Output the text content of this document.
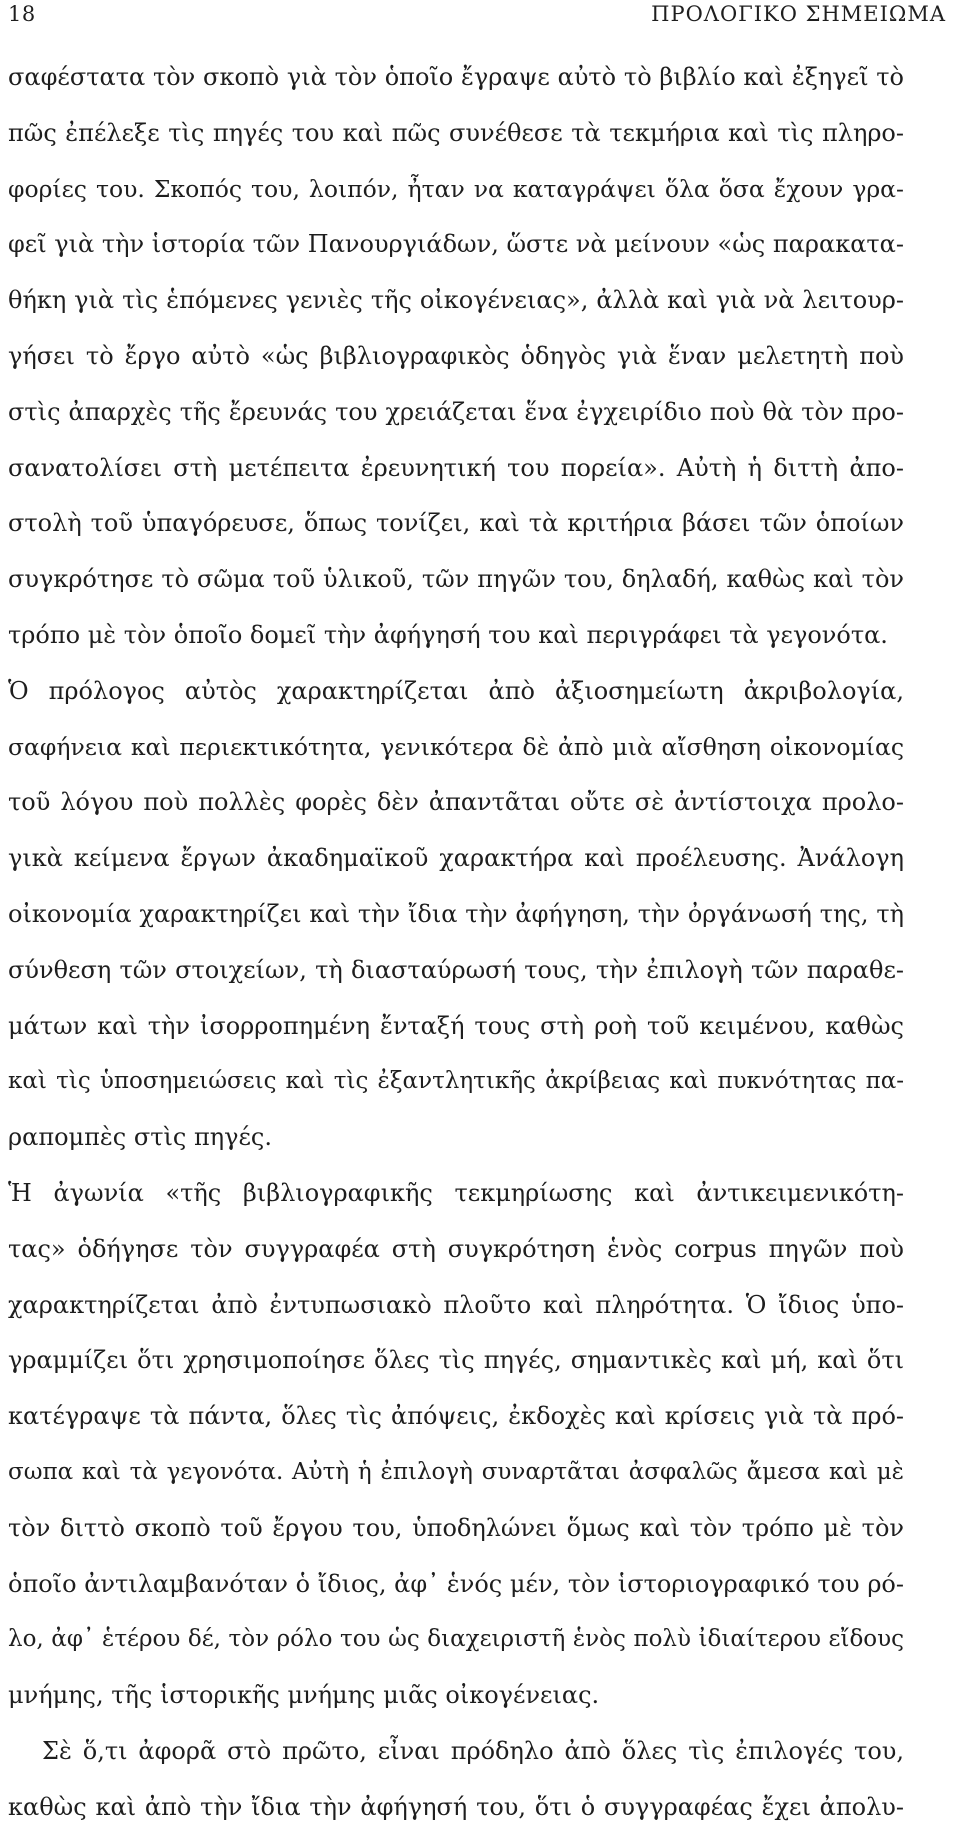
18	ΠΡΟΛΟΓΙΚΟ ΣΗΜΕΙΩΜΑ
σαφέστατα τὸν σκοπὸ γιὰ τὸν ὁποῖο ἔγραψε αὐτὸ τὸ βιβλίο καὶ ἐξηγεῖ τὸ
πῶς ἐπέλεξε τὶς πηγές του καὶ πῶς συνέθεσε τὰ τεκμήρια καὶ τὶς πληρο-
φορίες του. Σκοπός του, λοιπόν, ἦταν να καταγράψει ὅλα ὅσα ἔχουν γρα-
φεῖ γιὰ τὴν ἱστορία τῶν Πανουργιάδων, ὥστε νὰ μείνουν «ὡς παρακατα-
θήκη γιὰ τὶς ἑπόμενες γενιὲς τῆς οἰκογένειας», ἀλλὰ καὶ γιὰ νὰ λειτουρ-
γήσει τὸ ἔργο αὐτὸ «ὡς βιβλιογραφικὸς ὁδηγὸς γιὰ ἕναν μελετητὴ ποὺ
στὶς ἀπαρχὲς τῆς ἔρευνάς του χρειάζεται ἕνα ἐγχειρίδιο ποὺ θὰ τὸν προ-
σανατολίσει στὴ μετέπειτα ἐρευνητική του πορεία». Αὐτὴ ἡ διττὴ ἀπο-
στολὴ τοῦ ὑπαγόρευσε, ὅπως τονίζει, καὶ τὰ κριτήρια βάσει τῶν ὁποίων
συγκρότησε τὸ σῶμα τοῦ ὑλικοῦ, τῶν πηγῶν του, δηλαδή, καθὼς καὶ τὸν
τρόπο μὲ τὸν ὁποῖο δομεῖ τὴν ἀφήγησή του καὶ περιγράφει τὰ γεγονότα.
Ὁ πρόλογος αὐτὸς χαρακτηρίζεται ἀπὸ ἀξιοσημείωτη ἀκριβολογία,
σαφήνεια καὶ περιεκτικότητα, γενικότερα δὲ ἀπὸ μιὰ αἴσθηση οἰκονομίας
τοῦ λόγου ποὺ πολλὲς φορὲς δὲν ἀπαντᾶται οὔτε σὲ ἀντίστοιχα προλο-
γικὰ κείμενα ἔργων ἀκαδημαϊκοῦ χαρακτήρα καὶ προέλευσης. Ἀνάλογη
οἰκονομία χαρακτηρίζει καὶ τὴν ἴδια τὴν ἀφήγηση, τὴν ὀργάνωσή της, τὴ
σύνθεση τῶν στοιχείων, τὴ διασταύρωσή τους, τὴν ἐπιλογὴ τῶν παραθε-
μάτων καὶ τὴν ἰσορροπημένη ἔνταξή τους στὴ ροὴ τοῦ κειμένου, καθὼς
καὶ τὶς ὑποσημειώσεις καὶ τὶς ἐξαντλητικῆς ἀκρίβειας καὶ πυκνότητας πα-
ραπομπὲς στὶς πηγές.
Ἡ ἀγωνία «τῆς βιβλιογραφικῆς τεκμηρίωσης καὶ ἀντικειμενικότη-
τας» ὁδήγησε τὸν συγγραφέα στὴ συγκρότηση ἑνὸς corpus πηγῶν ποὺ
χαρακτηρίζεται ἀπὸ ἐντυπωσιακὸ πλοῦτο καὶ πληρότητα. Ὁ ἴδιος ὑπο-
γραμμίζει ὅτι χρησιμοποίησε ὅλες τὶς πηγές, σημαντικὲς καὶ μή, καὶ ὅτι
κατέγραψε τὰ πάντα, ὅλες τὶς ἀπόψεις, ἐκδοχὲς καὶ κρίσεις γιὰ τὰ πρό-
σωπα καὶ τὰ γεγονότα. Αὐτὴ ἡ ἐπιλογὴ συναρτᾶται ἀσφαλῶς ἄμεσα καὶ μὲ
τὸν διττὸ σκοπὸ τοῦ ἔργου του, ὑποδηλώνει ὅμως καὶ τὸν τρόπο μὲ τὸν
ὁποῖο ἀντιλαμβανόταν ὁ ἴδιος, ἀφ᾽ ἑνός μέν, τὸν ἱστοριογραφικό του ρό-
λο, ἀφ᾽ ἑτέρου δέ, τὸν ρόλο του ὡς διαχειριστῆ ἑνὸς πολὺ ἰδιαίτερου εἴδους
μνήμης, τῆς ἱστορικῆς μνήμης μιᾶς οἰκογένειας.
Σὲ ὅ,τι ἀφορᾶ στὸ πρῶτο, εἶναι πρόδηλο ἀπὸ ὅλες τὶς ἐπιλογές του,
καθὼς καὶ ἀπὸ τὴν ἴδια τὴν ἀφήγησή του, ὅτι ὁ συγγραφέας ἔχει ἀπολυ-
